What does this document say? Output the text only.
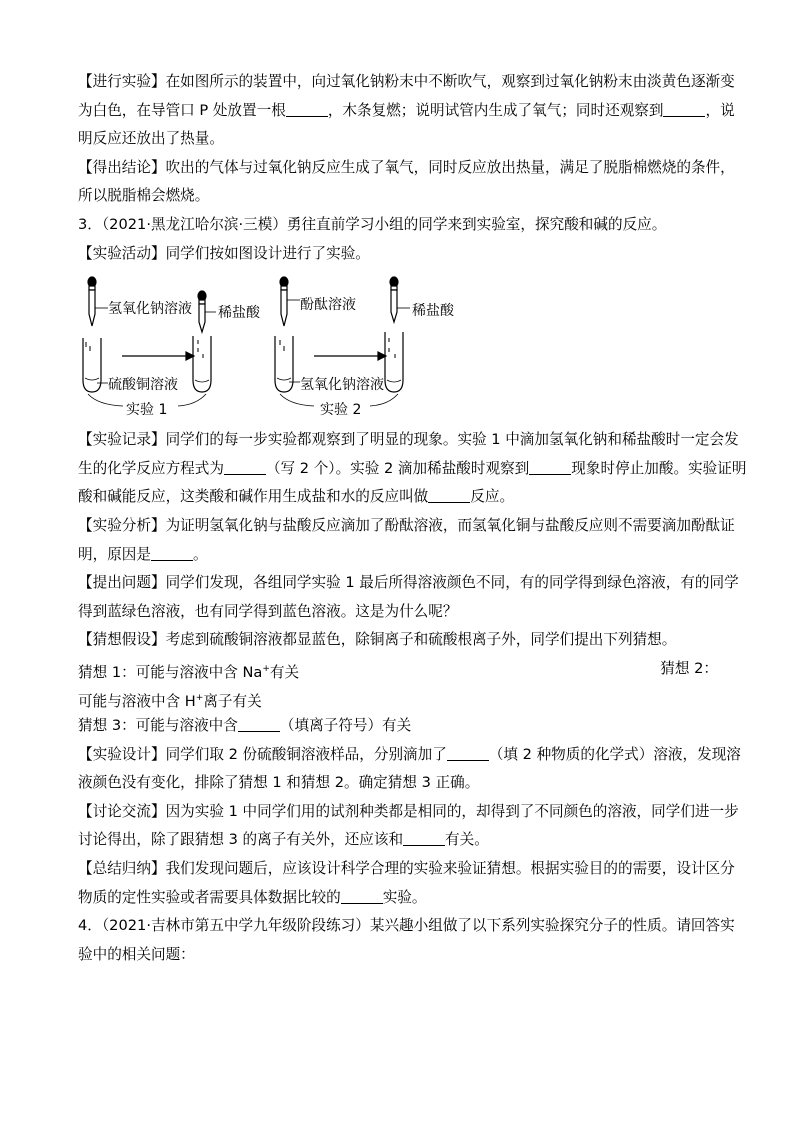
【进行实验】在如图所示的装置中，向过氧化钠粉末中不断吹气，观察到过氧化钠粉末由淡黄色逐渐变
为白色，在导管口 P 处放置一根	，木条复燃；说明试管内生成了氧气；同时还观察到	，说
明反应还放出了热量。
【得出结论】吹出的气体与过氧化钠反应生成了氧气，同时反应放出热量，满足了脱脂棉燃烧的条件，
所以脱脂棉会燃烧。
3．（2021·黑龙江哈尔滨·三模）勇往直前学习小组的同学来到实验室，探究酸和碱的反应。
【实验活动】同学们按如图设计进行了实验。
氢氧化钠溶液 稀盐酸
硫酸铜溶液
实验 1
酚酞溶液	稀盐酸
氢氧化钠溶液
实验 2
【实验记录】同学们的每一步实验都观察到了明显的现象。实验 1 中滴加氢氧化钠和稀盐酸时一定会发
生的化学反应方程式为	（写 2 个）。实验 2 滴加稀盐酸时观察到	现象时停止加酸。实验证明
酸和碱能反应，这类酸和碱作用生成盐和水的反应叫做	反应。
【实验分析】为证明氢氧化钠与盐酸反应滴加了酚酞溶液，而氢氧化铜与盐酸反应则不需要滴加酚酞证
明，原因是	。
【提出问题】同学们发现，各组同学实验 1 最后所得溶液颜色不同，有的同学得到绿色溶液，有的同学
得到蓝绿色溶液，也有同学得到蓝色溶液。这是为什么呢？
【猜想假设】考虑到硫酸铜溶液都显蓝色，除铜离子和硫酸根离子外，同学们提出下列猜想。
猜想 1：可能与溶液中含 Na+有关	猜想 2：
可能与溶液中含 H+离子有关
猜想 3：可能与溶液中含	（填离子符号）有关
【实验设计】同学们取 2 份硫酸铜溶液样品，分别滴加了	（填 2 种物质的化学式）溶液，发现溶
液颜色没有变化，排除了猜想 1 和猜想 2。确定猜想 3 正确。
【讨论交流】因为实验 1 中同学们用的试剂种类都是相同的，却得到了不同颜色的溶液，同学们进一步
讨论得出，除了跟猜想 3 的离子有关外，还应该和	有关。
【总结归纳】我们发现问题后，应该设计科学合理的实验来验证猜想。根据实验目的的需要，设计区分
物质的定性实验或者需要具体数据比较的	实验。
4．（2021·吉林市第五中学九年级阶段练习）某兴趣小组做了以下系列实验探究分子的性质。请回答实
验中的相关问题：
